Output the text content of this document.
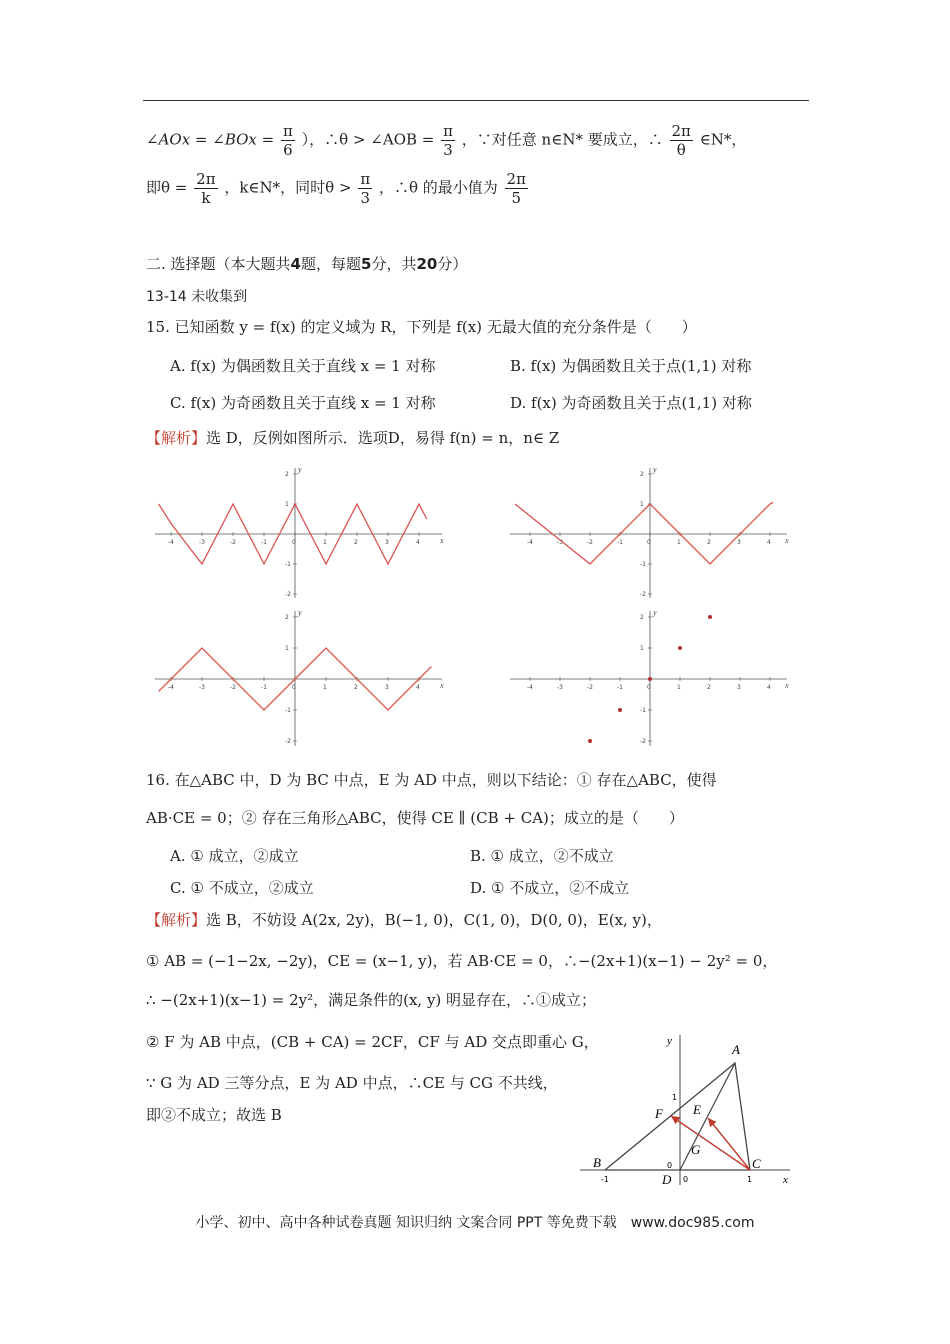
∠AOx = ∠BOx = $\frac{\pi}{6}$ ），∴θ > ∠AOB = $\frac{\pi}{3}$ ，∵对任意 n∈N* 要成立，∴ $\frac{2\pi}{\theta}$ ∈N*，
即$\theta = \frac{2\pi}{k}$ ，k∈N*，同时$\theta > \frac{\pi}{3}$ ，∴θ 的最小值为 $\frac{2\pi}{5}$
二. 选择题（本大题共4题，每题5分，共20分）
13-14 未收集到
15. 已知函数 y = f(x) 的定义域为 R，下列是 f(x) 无最大值的充分条件是（　　）
A. f(x) 为偶函数且关于直线 x = 1 对称	B. f(x) 为偶函数且关于点(1,1) 对称
C. f(x) 为奇函数且关于直线 x = 1 对称	D. f(x) 为奇函数且关于点(1,1) 对称
【解析】选 D，反例如图所示．选项D，易得 f(n) = n，n∈ Z
-4	-3	-2	-1	0	1	2	3	4
2
1
-1
-2
x
y
-4	-3	-2	-1	0	1	2	3	4
2
1
-1
-2
x
y
-4	-3	-2	-1	0	1	2	3	4
2
1
-1
-2
x
y
-4	-3	-2	-1	0	1	2	3	4
2
1
-1
-2
x
y
16. 在△ABC 中，D 为 BC 中点，E 为 AD 中点，则以下结论：① 存在△ABC，使得
AB·CE = 0；② 存在三角形△ABC，使得 CE ∥ (CB + CA)；成立的是（　　）
A. ① 成立，②成立	B. ① 成立，②不成立
C. ① 不成立，②成立	D. ① 不成立，②不成立
【解析】选 B，不妨设 A(2x, 2y)，B(−1, 0)，C(1, 0)，D(0, 0)，E(x, y)，
① AB = (−1−2x, −2y)，CE = (x−1, y)，若 AB·CE = 0，∴−(2x+1)(x−1) − 2y² = 0，
∴ −(2x+1)(x−1) = 2y²，满足条件的(x, y) 明显存在，∴①成立；
② F 为 AB 中点，(CB + CA) = 2CF，CF 与 AD 交点即重心 G，
∵ G 为 AD 三等分点，E 为 AD 中点，∴CE 与 CG 不共线，
即②不成立；故选 B
A
B	C
D
E
F
G
x
y
-1	1
0
0
1
小学、初中、高中各种试卷真题 知识归纳 文案合同 PPT 等免费下载　www.doc985.com
